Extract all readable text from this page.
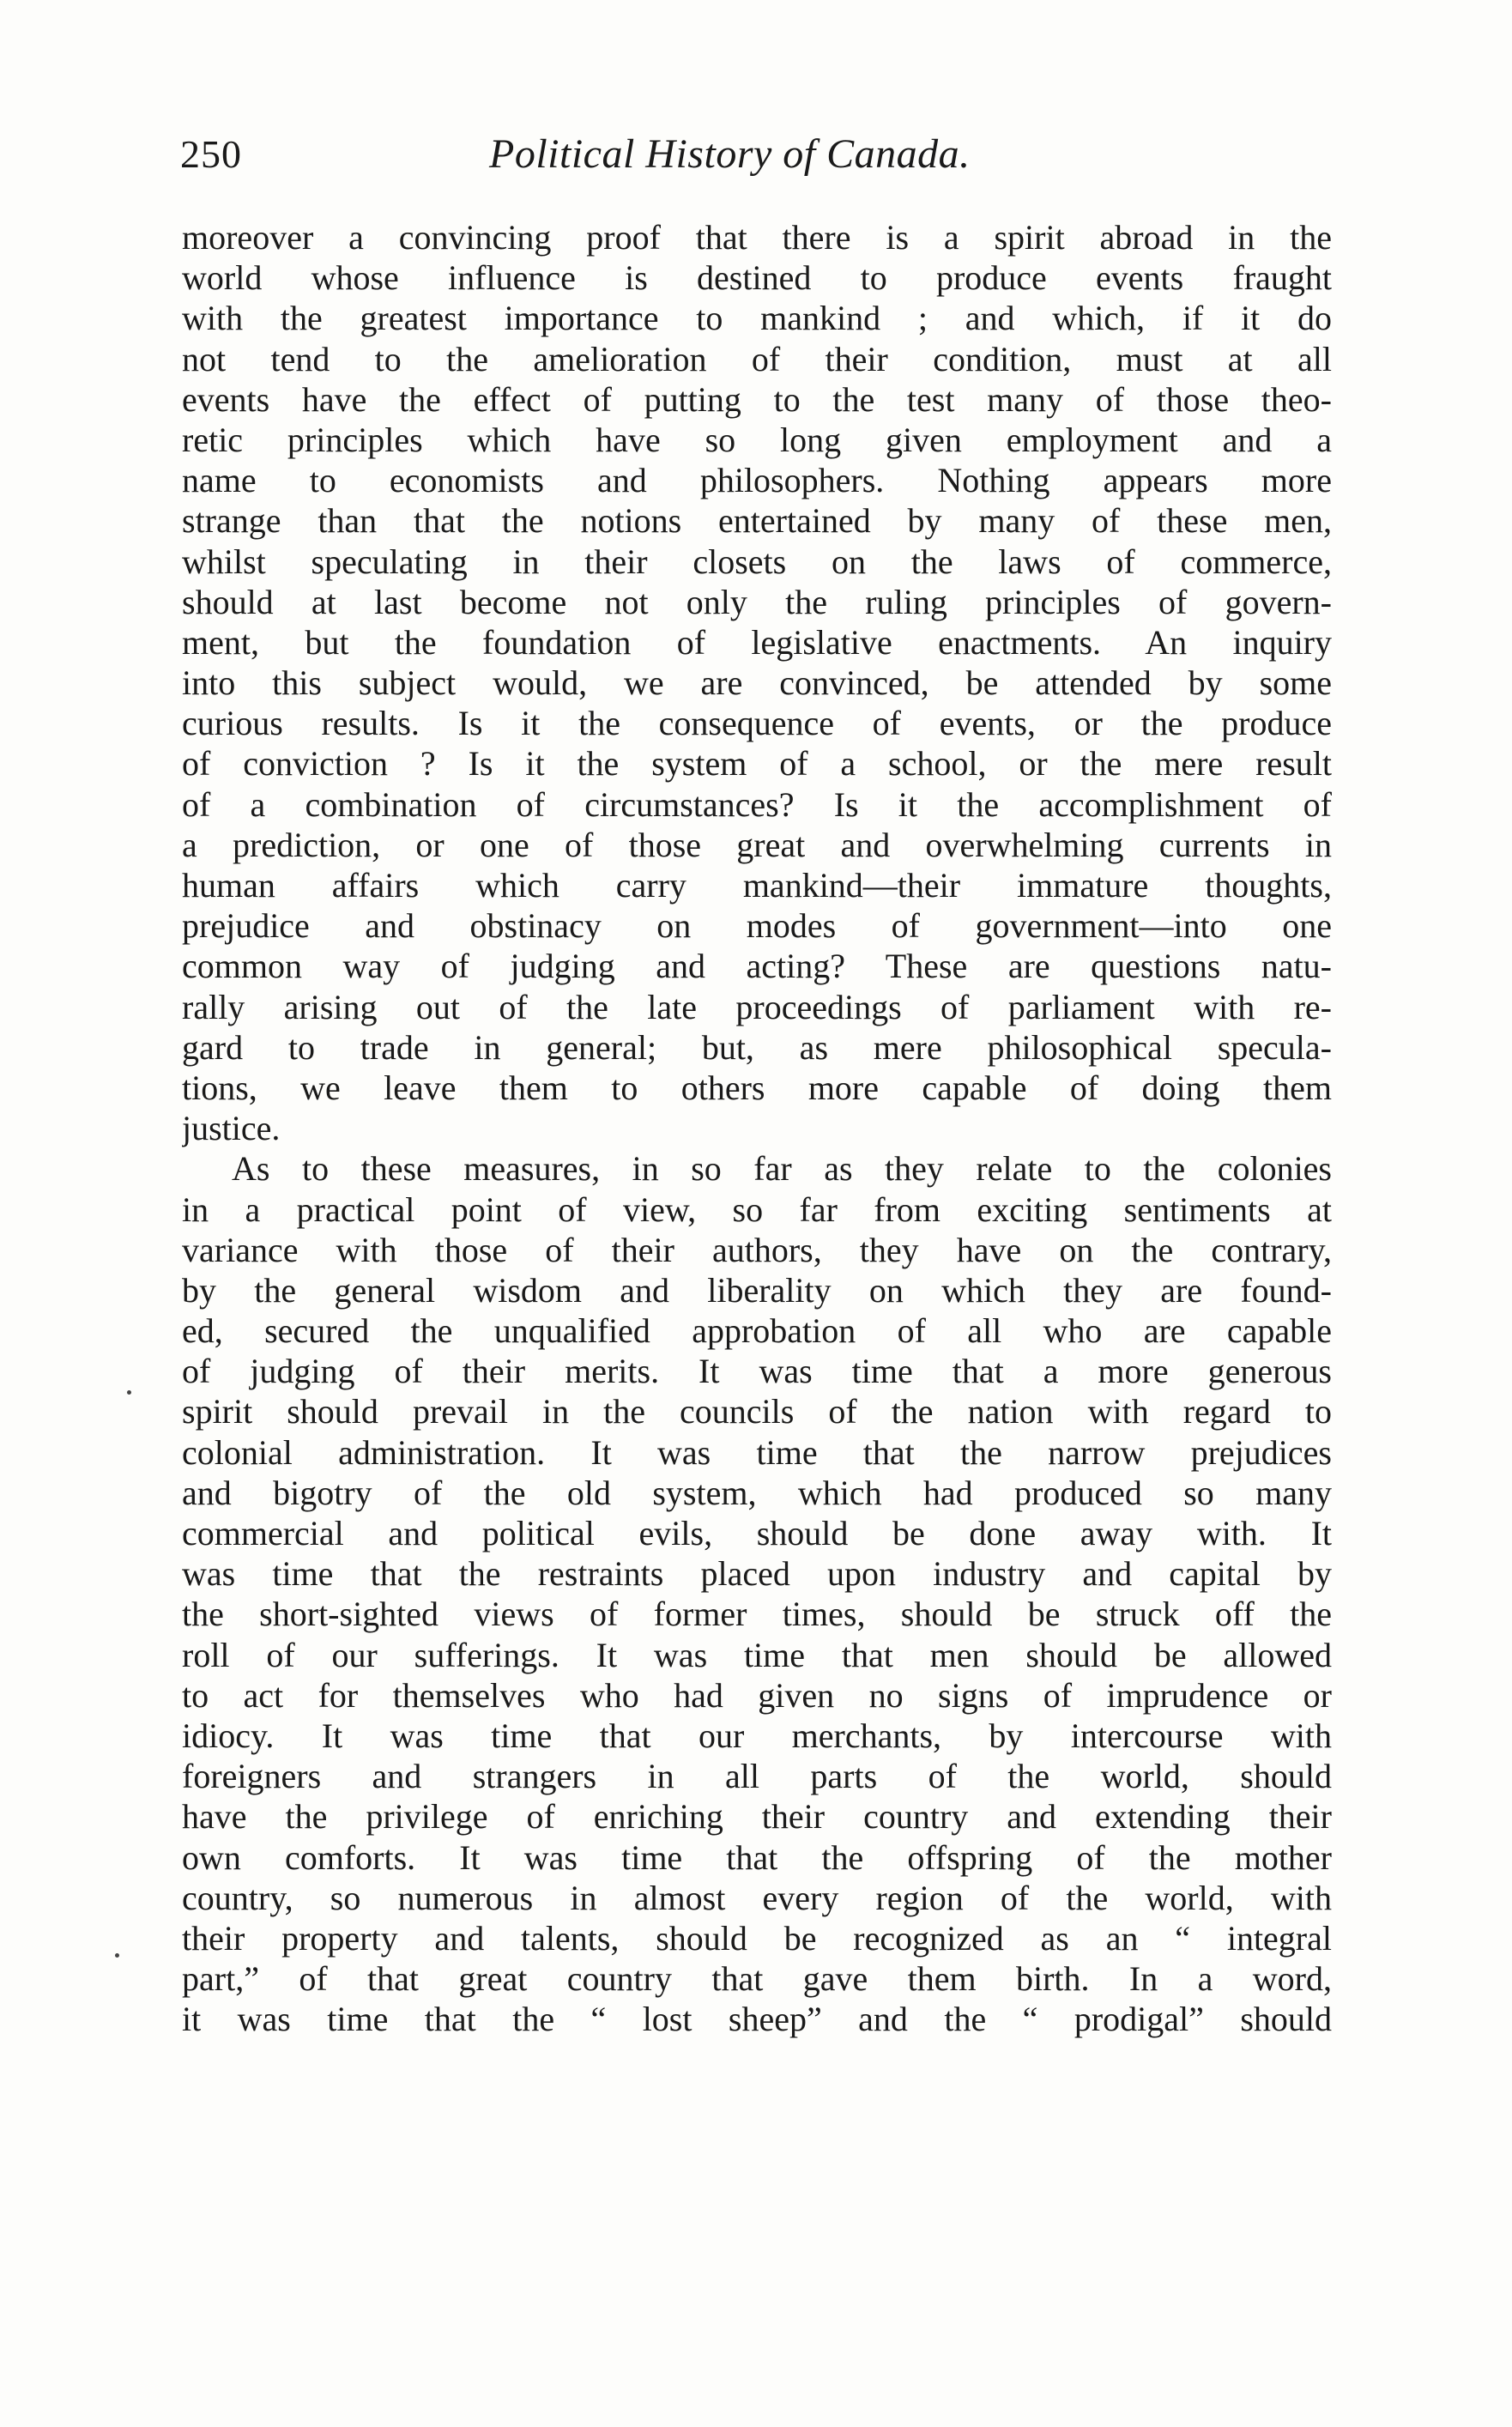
250	Political History of Canada.
moreover a convincing proof that there is a spirit abroad in the
world whose influence is destined to produce events fraught
with the greatest importance to mankind ; and which, if it do
not tend to the amelioration of their condition, must at all
events have the effect of putting to the test many of those theo-
retic principles which have so long given employment and a
name to economists and philosophers. Nothing appears more
strange than that the notions entertained by many of these men,
whilst speculating in their closets on the laws of commerce,
should at last become not only the ruling principles of govern-
ment, but the foundation of legislative enactments. An inquiry
into this subject would, we are convinced, be attended by some
curious results. Is it the consequence of events, or the produce
of conviction ? Is it the system of a school, or the mere result
of a combination of circumstances? Is it the accomplishment of
a prediction, or one of those great and overwhelming currents in
human affairs which carry mankind—their immature thoughts,
prejudice and obstinacy on modes of government—into one
common way of judging and acting? These are questions natu-
rally arising out of the late proceedings of parliament with re-
gard to trade in general; but, as mere philosophical specula-
tions, we leave them to others more capable of doing them
justice.
As to these measures, in so far as they relate to the colonies
in a practical point of view, so far from exciting sentiments at
variance with those of their authors, they have on the contrary,
by the general wisdom and liberality on which they are found-
ed, secured the unqualified approbation of all who are capable
of judging of their merits. It was time that a more generous
spirit should prevail in the councils of the nation with regard to
colonial administration. It was time that the narrow prejudices
and bigotry of the old system, which had produced so many
commercial and political evils, should be done away with. It
was time that the restraints placed upon industry and capital by
the short-sighted views of former times, should be struck off the
roll of our sufferings. It was time that men should be allowed
to act for themselves who had given no signs of imprudence or
idiocy. It was time that our merchants, by intercourse with
foreigners and strangers in all parts of the world, should
have the privilege of enriching their country and extending their
own comforts. It was time that the offspring of the mother
country, so numerous in almost every region of the world, with
their property and talents, should be recognized as an “ integral
part,” of that great country that gave them birth. In a word,
it was time that the “ lost sheep” and the “ prodigal” should
